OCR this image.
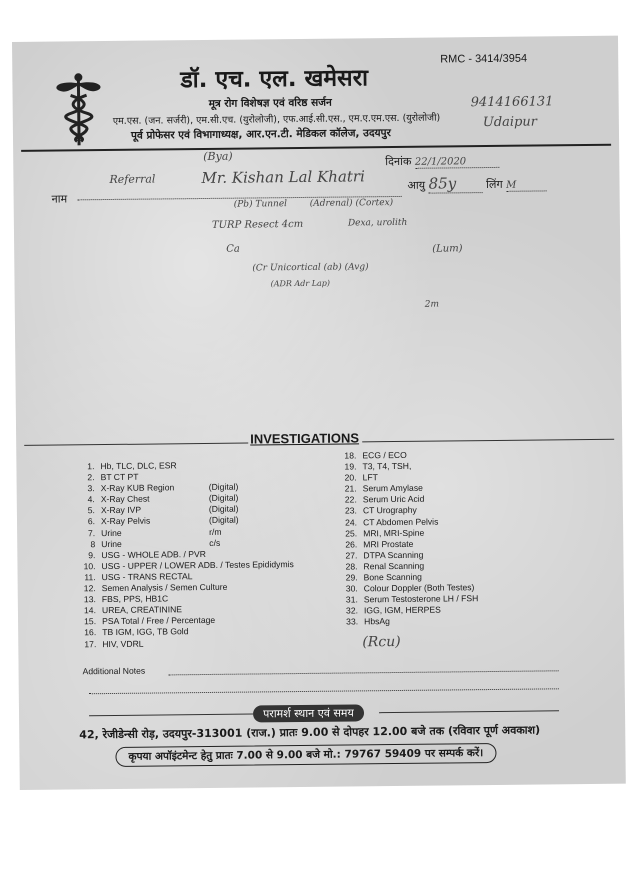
डॉ. एच. एल. खमेसरा
RMC - 3414/3954
मूत्र रोग विशेषज्ञ एवं वरिष्ठ सर्जन
एम.एस. (जन. सर्जरी), एम.सी.एच. (युरोलोजी), एफ.आई.सी.एस., एम.ए.एम.एस. (युरोलोजी)
पूर्व प्रोफेसर एवं विभागाध्यक्ष, आर.एन.टी. मेडिकल कॉलेज, उदयपुर
9414166131
Udaipur
(Bya)	दिनांक 22/1/2020
नाम
Referral	Mr. Kishan Lal Khatri	आयु 85y	लिंग M
(Pb) Tunnel	(Adrenal) (Cortex)
TURP Resect 4cm	Dexa, urolith
Ca	(Lum)
(Cr Unicortical (ab) (Avg)
(ADR Adr Lap)
2m
INVESTIGATIONS
1. Hb, TLC, DLC, ESR
2. BT CT PT
3. X-Ray KUB Region	(Digital)
4. X-Ray Chest	(Digital)
5. X-Ray IVP	(Digital)
6. X-Ray Pelvis	(Digital)
7. Urine	r/m
8 Urine	c/s
9. USG - WHOLE ADB. / PVR
10. USG - UPPER / LOWER ADB. / Testes Epididymis
11. USG - TRANS RECTAL
12. Semen Analysis / Semen Culture
13. FBS, PPS, HB1C
14. UREA, CREATININE
15. PSA Total / Free / Percentage
16. TB IGM, IGG, TB Gold
17. HIV, VDRL
18. ECG / ECO
19. T3, T4, TSH,
20. LFT
21. Serum Amylase
22. Serum Uric Acid
23. CT Urography
24. CT Abdomen Pelvis
25. MRI, MRI-Spine
26. MRI Prostate
27. DTPA Scanning
28. Renal Scanning
29. Bone Scanning
30. Colour Doppler (Both Testes)
31. Serum Testosterone LH / FSH
32. IGG, IGM, HERPES
33. HbsAg
(Rcu)
Additional Notes
परामर्श स्थान एवं समय
42, रेजीडेन्सी रोड़, उदयपुर-313001 (राज.) प्रातः 9.00 से दोपहर 12.00 बजे तक (रविवार पूर्ण अवकाश)
कृपया अपॉइंटमेन्ट हेतु प्रातः 7.00 से 9.00 बजे मो.: 79767 59409 पर सम्पर्क करें।
